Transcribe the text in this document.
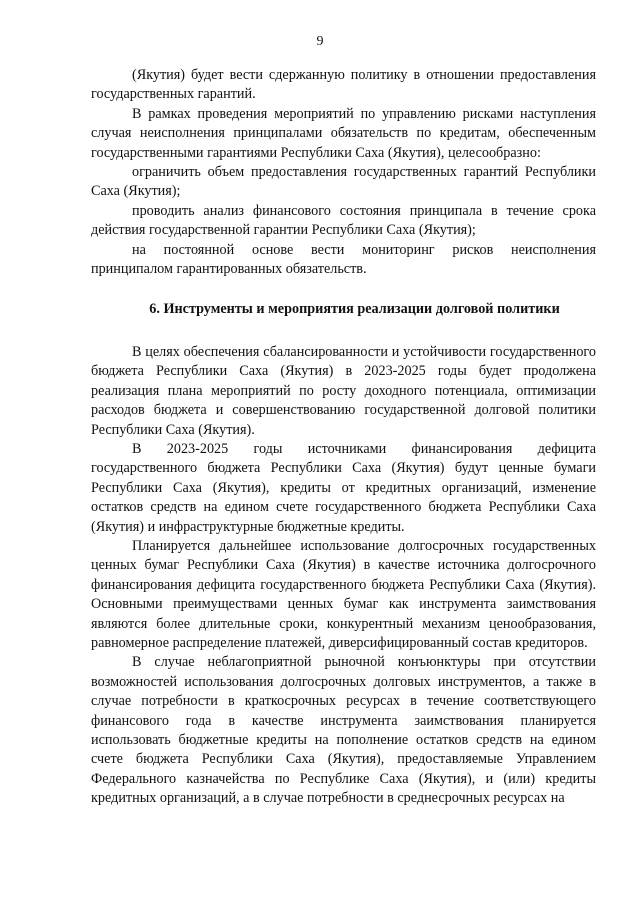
9

(Якутия) будет вести сдержанную политику в отношении предоставления государственных гарантий.

В рамках проведения мероприятий по управлению рисками наступления случая неисполнения принципалами обязательств по кредитам, обеспеченным государственными гарантиями Республики Саха (Якутия), целесообразно:

ограничить объем предоставления государственных гарантий Республики Саха (Якутия);

проводить анализ финансового состояния принципала в течение срока действия государственной гарантии Республики Саха (Якутия);

на постоянной основе вести мониторинг рисков неисполнения принципалом гарантированных обязательств.

6. Инструменты и мероприятия реализации долговой политики

В целях обеспечения сбалансированности и устойчивости государственного бюджета Республики Саха (Якутия) в 2023-2025 годы будет продолжена реализация плана мероприятий по росту доходного потенциала, оптимизации расходов бюджета и совершенствованию государственной долговой политики Республики Саха (Якутия).

В 2023-2025 годы источниками финансирования дефицита государственного бюджета Республики Саха (Якутия) будут ценные бумаги Республики Саха (Якутия), кредиты от кредитных организаций, изменение остатков средств на едином счете государственного бюджета Республики Саха (Якутия) и инфраструктурные бюджетные кредиты.

Планируется дальнейшее использование долгосрочных государственных ценных бумаг Республики Саха (Якутия) в качестве источника долгосрочного финансирования дефицита государственного бюджета Республики Саха (Якутия). Основными преимуществами ценных бумаг как инструмента заимствования являются более длительные сроки, конкурентный механизм ценообразования, равномерное распределение платежей, диверсифицированный состав кредиторов.

В случае неблагоприятной рыночной конъюнктуры при отсутствии возможностей использования долгосрочных долговых инструментов, а также в случае потребности в краткосрочных ресурсах в течение соответствующего финансового года в качестве инструмента заимствования планируется использовать бюджетные кредиты на пополнение остатков средств на едином счете бюджета Республики Саха (Якутия), предоставляемые Управлением Федерального казначейства по Республике Саха (Якутия), и (или) кредиты кредитных организаций, а в случае потребности в среднесрочных ресурсах на
